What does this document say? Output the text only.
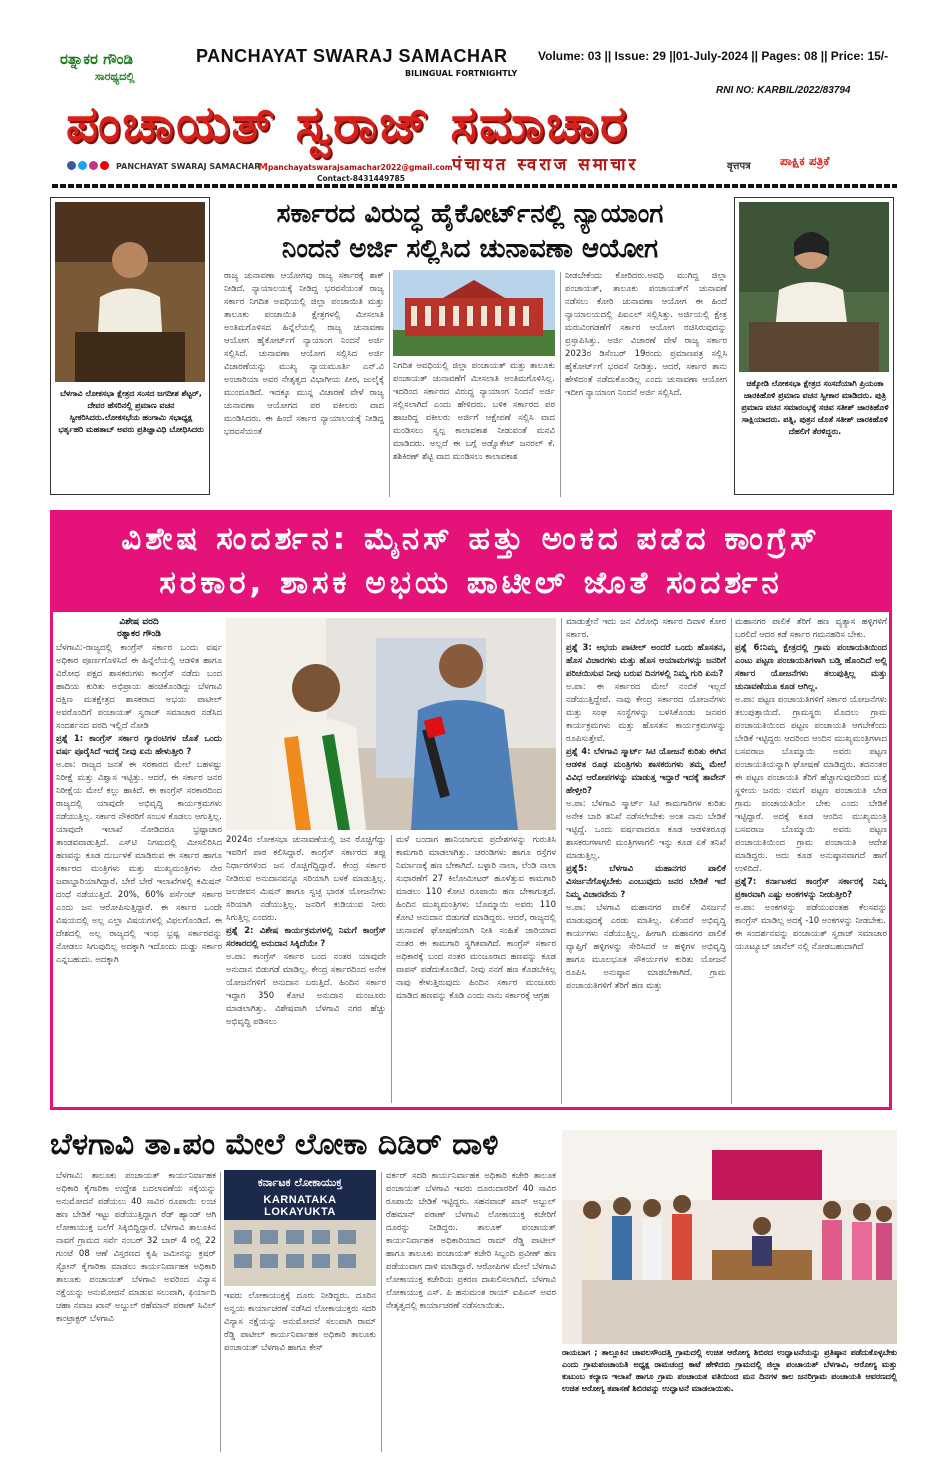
ರತ್ನಾಕರ ಗೌಂಡಿ
ಸಾರಥ್ಯದಲ್ಲಿ
PANCHAYAT SWARAJ SAMACHAR
BILINGUAL FORTNIGHTLY
Volume: 03 || Issue: 29 ||01-July-2024 || Pages: 08 || Price: 15/-
RNI NO: KARBIL/2022/83794
ಪಂಚಾಯತ್ ಸ್ವರಾಜ್ ಸಮಾಚಾರ
पंचायत स्वराज समाचार	वृत्तपत्र ಪಾಕ್ಷಿಕ ಪತ್ರಿಕೆ
PANCHAYAT SWARAJ SAMACHAR
Mpanchayatswarajsamachar2022@gmail.com
Contact-8431449785
ಬೆಳಗಾವಿ ಲೋಕಸಭಾ ಕ್ಷೇತ್ರದ ಸಂಸದ ಜಗದೀಶ ಶೆಟ್ಟರ್‌, ದೇವರ ಹೆಸರಿನಲ್ಲಿ ಪ್ರಮಾಣ ವಚನ ಸ್ವೀಕರಿಸಿದರು.ಲೋಕಸಭೆಯ ಹಂಗಾಮಿ ಸಭಾಧ್ಯಕ್ಷ ಭರ್ತೃಹರಿ ಮಹತಾಬ್‌ ಅವರು ಪ್ರತಿಜ್ಞಾವಿಧಿ ಬೋಧಿಸಿದರು
ಸರ್ಕಾರದ ವಿರುದ್ಧ ಹೈಕೋರ್ಟ್‌ನಲ್ಲಿ ನ್ಯಾಯಾಂಗ
ನಿಂದನೆ ಅರ್ಜಿ ಸಲ್ಲಿಸಿದ ಚುನಾವಣಾ ಆಯೋಗ
ರಾಜ್ಯ ಚುನಾವಣಾ ಆಯೋಗವು ರಾಜ್ಯ ಸರ್ಕಾರಕ್ಕೆ ಶಾಕ್ ನೀಡಿದೆ. ನ್ಯಾಯಾಲಯಕ್ಕೆ ನೀಡಿದ್ದ ಭರವಸೆಯಂತೆ ರಾಜ್ಯ ಸರ್ಕಾರ ನಿಗದಿತ ಅವಧಿಯಲ್ಲಿ ಜಿಲ್ಲಾ ಪಂಚಾಯಿತಿ ಮತ್ತು ತಾಲೂಕು ಪಂಚಾಯಿತಿ ಕ್ಷೇತ್ರಗಳಲ್ಲಿ ಮೀಸಲಾತಿ ಅಂತಿಮಗೊಳಿಸದ ಹಿನ್ನೆಲೆಯಲ್ಲಿ ರಾಜ್ಯ ಚುನಾವಣಾ ಆಯೋಗ ಹೈಕೋರ್ಟ್‌ಗೆ ನ್ಯಾಯಾಂಗ ನಿಂದನೆ ಅರ್ಜಿ ಸಲ್ಲಿಸಿದೆ. ಚುನಾವಣಾ ಆಯೋಗ ಸಲ್ಲಿಸಿದ ಅರ್ಜಿ ವಿಚಾರಣೆಯನ್ನು ಮುಖ್ಯ ನ್ಯಾಯಮೂರ್ತಿ ಎನ್.ವಿ ಅಂಜಾರಿಯಾ ಅವರ ನೇತೃತ್ವದ ವಿಭಾಗೀಯ ಪೀಠ, ಜುಲೈಕ್ಕೆ ಮುಂದೂಡಿದೆ. ಇದಕ್ಕೂ ಮುನ್ನ ವಿಚಾರಣೆ ವೇಳೆ ರಾಜ್ಯ ಚುನಾವಣಾ ಆಯೋಗದ ಪರ ವಕೀಲರು ವಾದ ಮಂಡಿಸಿದರು. ಈ ಹಿಂದೆ ಸರ್ಕಾರ ನ್ಯಾಯಾಲಯಕ್ಕೆ ನೀಡಿದ್ದ ಭರವಸೆಯಂತೆ
ನಿಗದಿತ ಅವಧಿಯಲ್ಲಿ ಜಿಲ್ಲಾ ಪಂಚಾಯತ್ ಮತ್ತು ತಾಲೂಕು ಪಂಚಾಯತ್ ಚುನಾವಣೆಗೆ ಮೀಸಲಾತಿ ಅಂತಿಮಗೊಳಿಸಿಲ್ಲ. ಇದರಿಂದ ಸರ್ಕಾರದ ವಿರುದ್ಧ ನ್ಯಾಯಾಂಗ ನಿಂದನೆ ಅರ್ಜಿ ಸಲ್ಲಿಸಲಾಗಿದೆ ಎಂದು ಹೇಳಿದರು. ಬಳಿಕ ಸರ್ಕಾರದ ಪರ ಹಾಜರಿದ್ದ ವಕೀಲರು ಅರ್ಜಿಗೆ ಆಕ್ಷೇಪಣೆ ಸಲ್ಲಿಸಿ ವಾದ ಮಂಡಿಸಲು ಸ್ವಲ್ಪ ಕಾಲಾವಕಾಶ ನೀಡುವಂತೆ ಮನವಿ ಮಾಡಿದರು. ಅಲ್ಲದೆ ಈ ಬಗ್ಗೆ ಅಡ್ವೊಕೇಟ್ ಜನರಲ್ ಕೆ. ಶಶಿಕಿರಣ್ ಶೆಟ್ಟಿ ವಾದ ಮಂಡಿಸಲು ಕಾಲಾವಕಾಶ
ನೀಡಬೇಕೆಂದು ಕೋರಿದರು.ಅವಧಿ ಮುಗಿದ್ದ ಜಿಲ್ಲಾ ಪಂಚಾಯತ್, ತಾಲೂಕು ಪಂಚಾಯತ್‌ಗೆ ಚುನಾವಣೆ ನಡೆಸಲು ಕೋರಿ ಚುನಾವಣಾ ಆಯೋಗ ಈ ಹಿಂದೆ ನ್ಯಾಯಾಲಯದಲ್ಲಿ ಪಿಐಎಲ್ ಸಲ್ಲಿಸಿತ್ತು. ಅರ್ಜಿಯಲ್ಲಿ ಕ್ಷೇತ್ರ ಮರುವಿಂಗಡಣೆಗೆ ಸರ್ಕಾರ ಆಯೋಗ ರಚಿಸಿರುವುದನ್ನು ಪ್ರಸ್ತಾಪಿಸಿತ್ತು. ಅರ್ಜಿ ವಿಚಾರಣೆ ವೇಳೆ ರಾಜ್ಯ ಸರ್ಕಾರ 2023ರ ಡಿಸೆಂಬರ್ 19ರಂದು ಪ್ರಮಾಣಪತ್ರ ಸಲ್ಲಿಸಿ ಹೈಕೋರ್ಟ್‌ಗೆ ಭರವಸೆ ನೀಡಿತ್ತು. ಆದರೆ, ಸರ್ಕಾರ ತಾನು ಹೇಳಿದಂತೆ ನಡೆದುಕೊಂಡಿಲ್ಲ ಎಂದು ಚುನಾವಣಾ ಆಯೋಗ ಇದೀಗ ನ್ಯಾಯಾಂಗ ನಿಂದನೆ ಅರ್ಜಿ ಸಲ್ಲಿಸಿದೆ.
ಚಿಕ್ಕೋಡಿ ಲೋಕಸಭಾ ಕ್ಷೇತ್ರದ ಸಂಸದೆಯಾಗಿ ಪ್ರಿಯಂಕಾ ಜಾರಕಿಹೊಳಿ ಪ್ರಮಾಣ ವಚನ ಸ್ವೀಕಾರ ಮಾಡಿದರು. ಪುತ್ರಿ ಪ್ರಮಾಣ ವಚನ ಸಮಾರಂಭಕ್ಕೆ ಸಚಿವ ಸತೀಶ್‌ ಜಾರಕಿಹೊಳಿ ಸಾಕ್ಷಿಯಾದರು. ಪತ್ನಿ, ಪುತ್ರನ ಜೊತೆ ಸತೀಶ್‌ ಜಾರಕಿಹೊಳಿ ದೆಹಲಿಗೆ ತೆರಳಿದ್ದರು.
ವಿಶೇಷ ಸಂದರ್ಶನ: ಮೈನಸ್ ಹತ್ತು ಅಂಕದ ಪಡೆದ ಕಾಂಗ್ರೆಸ್
ಸರಕಾರ, ಶಾಸಕ ಅಭಯ ಪಾಟೀಲ್ ಜೊತೆ ಸಂದರ್ಶನ
ವಿಶೇಷ ವರದಿ
ರತ್ನಾಕರ ಗೌಂಡಿ
ಬೆಳಗಾವಿ:-ರಾಜ್ಯದಲ್ಲಿ ಕಾಂಗ್ರೆಸ್ ಸರ್ಕಾರ ಒಂದು ವರ್ಷ ಅಧಿಕಾರ ಪೂರ್ಣಗೊಳಿಸಿದೆ ಈ ಹಿನ್ನೆಲೆಯಲ್ಲಿ ಆಡಳಿತ ಹಾಗೂ ವಿರೋಧ ಪಕ್ಷದ ಶಾಸಕರುಗಳು ಕಾಂಗ್ರೆಸ್ ನಡೆದು ಬಂದ ಹಾದಿಯ ಕುರಿತು ಅಭಿಪ್ರಾಯ ಹಂಚಿಕೊಂಡಿದ್ದು ಬೆಳಗಾವಿ ದಕ್ಷಿಣ ಮತಕ್ಷೇತ್ರದ ಶಾಸಕರಾದ ಅಭಯ ಪಾಟೀಲ್ ಅವರೊಂದಿಗೆ ಪಂಚಾಯತ್ ಸ್ವರಾಜ್ ಸಮಾಚಾರ ನಡೆಸಿದ ಸಂದರ್ಶನದ ವರದಿ ಇಲ್ಲಿದೆ ನೋಡಿ
ಪ್ರಶ್ನೆ 1: ಕಾಂಗ್ರೆಸ್ ಸರ್ಕಾರ ಗ್ಯಾರಂಟಿಗಳ ಜೊತೆ ಒಂದು ವರ್ಷ ಪೂರೈಸಿದೆ ಇದಕ್ಕೆ ನೀವು ಏನು ಹೇಳುತ್ತೀರಿ ?
ಅ.ಪಾ: ರಾಜ್ಯದ ಜನತೆ ಈ ಸರಕಾರದ ಮೇಲೆ ಬಹಳಷ್ಟು ನಿರೀಕ್ಷೆ ಮತ್ತು ವಿಶ್ವಾಸ ಇಟ್ಟಿತ್ತು. ಆದರೆ, ಈ ಸರ್ಕಾರ ಜನರ ನಿರೀಕ್ಷೆಯ ಮೇಲೆ ಕಲ್ಲು ಹಾಕಿದೆ. ಈ ಕಾಂಗ್ರೆಸ್ ಸರಕಾರದಿಂದ ರಾಜ್ಯದಲ್ಲಿ ಯಾವುದೇ ಅಭಿವೃದ್ಧಿ ಕಾರ್ಯಕ್ರಮಗಳು ನಡೆಯುತ್ತಿಲ್ಲ. ಸರ್ಕಾರ ನೌಕರರಿಗೆ ಸಂಬಳ ಕೊಡಲು ಆಗುತ್ತಿಲ್ಲ. ಯಾವುದೇ ಇಲಾಖೆ ನೋಡಿದರೂ ಭ್ರಷ್ಟಾಚಾರ ತಾಂಡವವಾಡುತ್ತಿದೆ. ಎಸ್‌ಟಿ ನಿಗಮದಲ್ಲಿ ಮೀಸಲಿರಿಸಿದ ಹಣವನ್ನು ಕೂಡ ದುರ್ಬಳಕೆ ಮಾಡಿರುವ ಈ ಸರ್ಕಾರ ಹಾಗೂ ಸರ್ಕಾರದ ಮಂತ್ರಿಗಳು ಮತ್ತು ಮುಖ್ಯಮಂತ್ರಿಗಳು ನೇರ ಜವಾಬ್ದಾರಿಯಾಗಿದ್ದಾರೆ. ಬೇರೆ ಬೇರೆ ಇಲಾಖೆಗಳಲ್ಲಿ ಕಮಿಷನ್ ದಂಧೆ ನಡೆಯುತ್ತಿದೆ. 20%, 60% ಪರ್ಸೆಂಟ್ ಸರ್ಕಾರ ಎಂದು ಜನ ಆರೋಪಿಸುತ್ತಿದ್ದಾರೆ. ಈ ಸರ್ಕಾರ ಒಂದೇ ವಿಷಯದಲ್ಲಿ ಅಲ್ಲ ಎಲ್ಲಾ ವಿಷಯಗಳಲ್ಲಿ ವಿಫಲಗೊಂಡಿದೆ. ಈ ದೇಶದಲ್ಲಿ ಅಲ್ಲ ರಾಜ್ಯದಲ್ಲಿ ಇಂಥ ಭ್ರಷ್ಟ ಸರ್ಕಾರವನ್ನು ನೋಡಲು ಸಿಗುವುದಿಲ್ಲ ಅದಕ್ಕಾಗಿ ಇದೊಂದು ದುಡ್ಡು ಸರ್ಕಾರ ಎನ್ನಬಹುದು. ಅದಕ್ಕಾಗಿ
2024ರ ಲೋಕಸಭಾ ಚುನಾವಣೆಯಲ್ಲಿ ಜನ ರೊಚ್ಚಿಗೆದ್ದು ಇವರಿಗೆ ಪಾಠ ಕಲಿಸಿದ್ದಾರೆ. ಕಾಂಗ್ರೆಸ್ ಸರ್ಕಾರದ ತಪ್ಪು ನಿರ್ಧಾರಗಳಿಂದ ಜನ ರೊಚ್ಚಿಗೆದ್ದಿದ್ದಾರೆ. ಕೇಂದ್ರ ಸರ್ಕಾರ ನೀಡಿರುವ ಅನುದಾನವನ್ನೂ ಸರಿಯಾಗಿ ಬಳಕೆ ಮಾಡುತ್ತಿಲ್ಲ. ಜಲಜೀವನ ಮಿಷನ್ ಹಾಗೂ ಸ್ವಚ್ಛ ಭಾರತ ಯೋಜನೆಗಳು ಸರಿಯಾಗಿ ನಡೆಯುತ್ತಿಲ್ಲ. ಜನರಿಗೆ ಕುಡಿಯುವ ನೀರು ಸಿಗುತ್ತಿಲ್ಲ ಎಂದರು.
ಪ್ರಶ್ನೆ 2: ವಿಶೇಷ ಕಾರ್ಯಕ್ರಮಗಳಲ್ಲಿ ನಿಮಗೆ ಕಾಂಗ್ರೆಸ್ ಸರಕಾರದಲ್ಲಿ ಅನುದಾನ ಸಿಕ್ಕಿದೆಯೇ ?
ಅ.ಪಾ: ಕಾಂಗ್ರೆಸ್ ಸರ್ಕಾರ ಬಂದ ನಂತರ ಯಾವುದೇ ಅನುದಾನ ಬಿಡುಗಡೆ ಮಾಡಿಲ್ಲ. ಕೇಂದ್ರ ಸರ್ಕಾರದಿಂದ ಅನೇಕ ಯೋಜನೆಗಳಿಗೆ ಅನುದಾನ ಬರುತ್ತಿದೆ. ಹಿಂದಿನ ಸರ್ಕಾರ ಇದ್ದಾಗ 350 ಕೋಟಿ ಅನುದಾನ ಮಂಜೂರು ಮಾಡಲಾಗಿತ್ತು. ವಿಶೇಷವಾಗಿ ಬೆಳಗಾವಿ ನಗರ ಹೆಚ್ಚು ಅಭಿವೃದ್ಧಿ ಪಡಿಸಲು
ಮಳೆ ಬಂದಾಗ ಹಾನಿಯಾಗುವ ಪ್ರದೇಶಗಳನ್ನು ಗುರುತಿಸಿ ಕಾಮಗಾರಿ ಮಾಡಲಾಗಿತ್ತು. ಚರಂಡಿಗಳು ಹಾಗೂ ರಸ್ತೆಗಳ ನಿರ್ಮಾಣಕ್ಕೆ ಹಣ ಬೇಕಾಗಿದೆ. ಬಳ್ಳಾರಿ ನಾಲಾ, ಲೆಂಡಿ ನಾಲಾ ಸುಧಾರಣೆಗೆ 27 ಕಿಲೋಮೀಟರ್ ಹೂಳೆತ್ತುವ ಕಾಮಗಾರಿ ಮಾಡಲು 110 ಕೋಟಿ ರೂಪಾಯಿ ಹಣ ಬೇಕಾಗುತ್ತದೆ. ಹಿಂದಿನ ಮುಖ್ಯಮಂತ್ರಿಗಳು ಬೊಮ್ಮಾಯಿ ಅವರು 110 ಕೋಟಿ ಅನುದಾನ ಬಿಡುಗಡೆ ಮಾಡಿದ್ದರು. ಆದರೆ, ರಾಜ್ಯದಲ್ಲಿ ಚುನಾವಣೆ ಘೋಷಣೆಯಾಗಿ ನೀತಿ ಸಂಹಿತೆ ಜಾರಿಯಾದ ನಂತರ ಈ ಕಾಮಗಾರಿ ಸ್ಥಗಿತವಾಗಿದೆ. ಕಾಂಗ್ರೆಸ್ ಸರ್ಕಾರ ಅಧಿಕಾರಕ್ಕೆ ಬಂದ ನಂತರ ಮಂಜೂರಾದ ಹಣವನ್ನು ಕೂಡ ವಾಪಸ್ ಪಡೆದುಕೊಂಡಿದೆ. ನೀವು ನನಗೆ ಹಣ ಕೊಡಬೇಕಿಲ್ಲ ನಾವು ಕೇಳುತ್ತಿರುವುದು ಹಿಂದಿನ ಸರ್ಕಾರ ಮಂಜೂರು ಮಾಡಿದ ಹಣವನ್ನು ಕೊಡಿ ಎಂದು ನಾನು ಸರ್ಕಾರಕ್ಕೆ ಆಗ್ರಹ
ಮಾಡುತ್ತೇನೆ ಇದು ಜನ ವಿರೋಧಿ ಸರ್ಕಾರ ದಿವಾಳಿ ಕೋರ ಸರ್ಕಾರ.
ಪ್ರಶ್ನೆ 3: ಅಭಯ ಪಾಟೀಲ್ ಅಂದರೆ ಒಂದು ಹೊಸತನ, ಹೊಸ ವಿಚಾರಗಳು ಮತ್ತು ಹೊಸ ಆಯಾಮಗಳನ್ನು ಜನರಿಗೆ ಪರಿಚಯಿಸುವ ನೀವು ಬರುವ ದಿನಗಳಲ್ಲಿ ನಿಮ್ಮ ಗುರಿ ಏನು?
ಅ.ಪಾ: ಈ ಸರ್ಕಾರದ ಮೇಲೆ ನಂಬಿಕೆ ಇಲ್ಲದೆ ನಡೆಯುತ್ತಿದ್ದೇವೆ. ನಾವು ಕೇಂದ್ರ ಸರ್ಕಾರದ ಯೋಜನೆಗಳು ಮತ್ತು ಸಂಘ ಸಂಸ್ಥೆಗಳನ್ನು ಬಳಸಿಕೊಂಡು ಜನಪರ ಕಾರ್ಯಕ್ರಮಗಳು ಮತ್ತು ಹೊಸತನ ಕಾರ್ಯಕ್ರಮಗಳನ್ನು ರೂಪಿಸುತ್ತೇವೆ.
ಪ್ರಶ್ನೆ 4: ಬೆಳಗಾವಿ ಸ್ಮಾರ್ಟ್ ಸಿಟಿ ಯೋಜನೆ ಕುರಿತು ಈಗಿನ ಆಡಳಿತ ರೂಢ ಮಂತ್ರಿಗಳು ಶಾಸಕರುಗಳು ತಮ್ಮ ಮೇಲೆ ವಿವಿಧ ಆರೋಪಗಳನ್ನು ಮಾಡುತ್ತ ಇದ್ದಾರೆ ಇದಕ್ಕೆ ತಾವೇನ್ ಹೇಳ್ತೀರಿ?
ಅ.ಪಾ: ಬೆಳಗಾವಿ ಸ್ಮಾರ್ಟ್ ಸಿಟಿ ಕಾಮಗಾರಿಗಳ ಕುರಿತು ಅನೇಕ ಬಾರಿ ತನಿಖೆ ನಡೆಸಲೇಬೇಕು ಅಂತ ನಾನು ಬೇಡಿಕೆ ಇಟ್ಟಿದ್ದೆ. ಒಂದು ವರ್ಷವಾದರೂ ಕೂಡ ಆಡಳಿತರೂಢ ಶಾಸಕರುಗಳಾಗಲಿ ಮಂತ್ರಿಗಳಾಗಲಿ ಇನ್ನು ಕೂಡ ಏಕೆ ತನಿಖೆ ಮಾಡುತ್ತಿಲ್ಲ.
ಪ್ರಶ್ನೆ5: ಬೆಳಗಾವಿ ಮಹಾನಗರ ಪಾಲಿಕೆ ವಿಸರ್ಜನೆಗೊಳ್ಳಬೇಕು ಎಂಬುವುದು ಜನರ ಬೇಡಿಕೆ ಇದೆ ನಿಮ್ಮ ವಿಚಾರವೇನು ?
ಅ.ಪಾ: ಬೆಳಗಾವಿ ಮಹಾನಗರ ಪಾಲಿಕೆ ವಿಸರ್ಜನೆ ಮಾಡುವುದಕ್ಕೆ ಎರಡು ಮಾತಿಲ್ಲ. ಏಕೆಂದರೆ ಅಭಿವೃದ್ಧಿ ಕಾರ್ಯಗಳು ನಡೆಯುತ್ತಿಲ್ಲ. ಹೀಗಾಗಿ ಮಹಾನಗರ ಪಾಲಿಕೆ ವ್ಯಾಪ್ತಿಗೆ ಹಳ್ಳಿಗಳನ್ನು ಸೇರಿಸಿದರೆ ಆ ಹಳ್ಳಿಗಳ ಅಭಿವೃದ್ಧಿ ಹಾಗೂ ಮೂಲಭೂತ ಸೌಕರ್ಯಗಳ ಕುರಿತು ಯೋಜನೆ ರೂಪಿಸಿ ಅನುಷ್ಠಾನ ಮಾಡಬೇಕಾಗಿದೆ. ಗ್ರಾಮ ಪಂಚಾಯತಿಗಳಿಗೆ ತೆರಿಗೆ ಹಣ ಮತ್ತು
ಮಹಾನಗರ ಪಾಲಿಕೆ ತೆರಿಗೆ ಹಣ ವ್ಯತ್ಯಾಸ ಹಳ್ಳಿಗಳಿಗೆ ಬರಲಿದೆ ಆದರ ಕಡೆ ಸರ್ಕಾರ ಗಮನಹರಿಸ ಬೇಕು.
ಪ್ರಶ್ನೆ 6:ನಿಮ್ಮ ಕ್ಷೇತ್ರದಲ್ಲಿ ಗ್ರಾಮ ಪಂಚಾಯತಿಯಿಂದ ಎಂಟು ಪಟ್ಟಣ ಪಂಚಾಯತಿಗಳಾಗಿ ಬಡ್ತಿ ಹೊಂದಿದೆ ಅಲ್ಲಿ ಸರ್ಕಾರ ಯೋಜನೆಗಳು ತಲುಪುತ್ತಿಲ್ಲ ಮತ್ತು ಚುನಾವಣೆಯೂ ಕೂಡ ಆಗಿಲ್ಲ.
ಅ.ಪಾ: ಪಟ್ಟಣ ಪಂಚಾಯತಿಗಳಿಗೆ ಸರ್ಕಾರ ಯೋಜನೆಗಳು ತಲುಪುತ್ತಾಯಿದೆ. ಗ್ರಾಮಸ್ಥರು ಮೊದಲು ಗ್ರಾಮ ಪಂಚಾಯತಿಯಿಂದ ಪಟ್ಟಣ ಪಂಚಾಯತಿ ಆಗಬೇಕೆಂದು ಬೇಡಿಕೆ ಇಟ್ಟಿದ್ದರು ಆದರಿಂದ ಆಂದಿನ ಮುಖ್ಯಮಂತ್ರಿಗಳಾದ ಬಸವರಾಜ ಬೊಮ್ಮಾಯಿ ಅವರು ಪಟ್ಟಣ ಪಂಚಾಯತಿಯನ್ನಾಗಿ ಘೋಷಣೆ ಮಾಡಿದ್ದರು. ತದನಂತರ ಈ ಪಟ್ಟಣ ಪಂಚಾಯತಿ ತೆರಿಗೆ ಹೆಚ್ಚಾಗುವುದರಿಂದ ಮತ್ತೆ ಸ್ಥಳೀಯ ಜನರು ನಮಗೆ ಪಟ್ಟಣ ಪಂಚಾಯತಿ ಬೇಡ ಗ್ರಾಮ ಪಂಚಾಯತಿಯೇ ಬೇಕು ಎಂದು ಬೇಡಿಕೆ ಇಟ್ಟಿದ್ದಾರೆ. ಅದಕ್ಕೆ ಕೂಡ ಆಂದಿನ ಮುಖ್ಯಮಂತ್ರಿ ಬಸವರಾಜ ಬೊಮ್ಮಾಯಿ ಅವರು ಪಟ್ಟಣ ಪಂಚಾಯತಿಯಿಂದ ಗ್ರಾಮ ಪಂಚಾಯತಿ ಆದೇಶ ಮಾಡಿದ್ದರು. ಅದು ಕೂಡ ಅನುಷ್ಠಾನವಾಗದೆ ಹಾಗೆ ಉಳಿದಿದೆ.
ಪ್ರಶ್ನೆ7: ಕರ್ನಾಟಕದ ಕಾಂಗ್ರೆಸ್ ಸರ್ಕಾರಕ್ಕೆ ನಿಮ್ಮ ಪ್ರಕಾರವಾಗಿ ಎಷ್ಟು ಅಂಕಗಳನ್ನು ನೀಡುತ್ತೀರಿ?
ಅ.ಪಾ: ಅಂಕಗಳನ್ನು ಪಡೆಯುವಂತಹ ಕೆಲಸವನ್ನು ಕಾಂಗ್ರೆಸ್ ಮಾಡಿಲ್ಲ ಅದಕ್ಕೆ -10 ಅಂಕಗಳನ್ನು ನೀಡಬೇಕು.
ಈ ಸಂದರ್ಶನವನ್ನು ಪಂಚಾಯತ್ ಸ್ವರಾಜ್ ಸಮಾಚಾರ ಯೂಟ್ಯೂಬ್ ಚಾನೆಲ್ ನಲ್ಲಿ ನೋಡಬಹುದಾಗಿದೆ
ಬೆಳಗಾವಿ ತಾ.ಪಂ ಮೇಲೆ ಲೋಕಾ ದಿಡಿರ್ ದಾಳಿ
ಬೆಳಗಾವಿ: ತಾಲೂಕು ಪಂಚಾಯತ್ ಕಾರ್ಯನಿರ್ವಾಹಕ ಅಧಿಕಾರಿ ಕೈಗಾರಿಕಾ ಉದ್ದೇಶ ಬದಲಾವಣೆಯ ಸಕ್ಕೆಯನ್ನು ಅನುಮೋದನೆ ಪಡೆಯಲು 40 ಸಾವಿರ ರೂಪಾಯಿ ಲಂಚ ಹಣ ಬೇಡಿಕೆ ಇಟ್ಟು ಪಡೆಯುತ್ತಿದ್ದಾಗ ರೆಡ್ ಹ್ಯಾಂಡ್ ಆಗಿ ಲೋಕಾಯುಕ್ತ ಬಲೆಗೆ ಸಿಕ್ಕಿಬಿದ್ದಿದ್ದಾರೆ. ಬೆಳಗಾವಿ ತಾಲೂಕಿನ ನಾವಗೆ ಗ್ರಾಮದ ಸರ್ವೆ ನಂಬರ್ 32 ಬಾರ್ 4 ರಲ್ಲಿ 22 ಗುಂಟೆ 08 ಆಣೆ ವಿಸ್ತರಣದ ಕೃಷಿ ಜಮೀನನ್ನು ಕ್ರಷರ್ ಸ್ಟೋನ್ ಕೈಗಾರಿಕಾ ಮಾಡಲು ಕಾರ್ಯನಿರ್ವಾಹಕ ಅಧಿಕಾರಿ ತಾಲೂಕು ಪಂಚಾಯತ್ ಬೆಳಗಾವಿ ಅವರಿಂದ ವಿನ್ಯಾಸ ನಕ್ಷೆಯನ್ನು ಅನುಮೋದನೆ ಮಾಡುವ ಸಲುವಾಗಿ, ಫಿರ್ಯಾದಿ ಚಹಾ ನವಾಜ ಖಾನ್ ಅಬ್ದುಲ್ ರಹೆಮಾನ್ ಪಠಾಣ್ ಸಿವಿಲ್ ಕಾಂಟ್ರಾಕ್ಟರ್ ಬೆಳಗಾವಿ
ಕರ್ನಾಟಕ ಲೋಕಾಯುಕ್ತ
KARNATAKA LOKAYUKTA
ಇವರು ಲೋಕಾಯುಕ್ತಕ್ಕೆ ದೂರು ನೀಡಿದ್ದರು. ದೂರಿನ ಅನ್ವಯ ಕಾರ್ಯಾಚರಣೆ ನಡೆಸಿದ ಲೋಕಾಯುಕ್ತರು ಸದರಿ ವಿನ್ಯಾಸ ನಕ್ಷೆಯನ್ನು ಅನುಮೋದನೆ ಸಲುವಾಗಿ ರಾಮ್ ರೆಡ್ಡಿ ಪಾಟೀಲ್ ಕಾರ್ಯನಿರ್ವಾಹಕ ಅಧಿಕಾರಿ ತಾಲೂಕು ಪಂಚಾಯತ್ ಬೆಳಗಾವಿ ಹಾಗೂ ಕೇಸ್
ವರ್ಕರ್ ಸದರಿ ಕಾರ್ಯನಿರ್ವಾಹಕ ಅಧಿಕಾರಿ ಕಚೇರಿ ತಾಲೂಕ ಪಂಚಾಯತ್ ಬೆಳಗಾವಿ ಇವರು ದೂರುದಾರರಿಗೆ 40 ಸಾವಿರ ರೂಪಾಯಿ ಬೇಡಿಕೆ ಇಟ್ಟಿದ್ದರು. ಸಹನವಾಜ್ ಖಾನ್ ಅಬ್ದುಲ್ ರೆಹಮಾನ್ ಪಠಾಣ್ ಬೆಳಗಾವಿ ಲೋಕಾಯುಕ್ತ ಕಚೇರಿಗೆ ದೂರನ್ನು ನೀಡಿದ್ದರು. ತಾಲೂಕ್ ಪಂಚಾಯತ್ ಕಾರ್ಯನಿರ್ವಾಹಕ ಅಧಿಕಾರಿಯಾದ ರಾಮ್ ರೆಡ್ಡಿ ಪಾಟೀಲ್ ಹಾಗೂ ತಾಲೂಕು ಪಂಚಾಯತ್ ಕಚೇರಿ ಸಿಬ್ಬಂದಿ ಪ್ರವೀಣ್ ಹಣ ಪಡೆಯುವಾಗ ದಾಳಿ ಮಾಡಿದ್ದಾರೆ. ಆರೋಪಿಗಳ ಮೇಲೆ ಬೆಳಗಾವಿ ಲೋಕಾಯುಕ್ತ ಕಚೇರಿಯ ಪ್ರಕರಣ ದಾಖಲಿಸಲಾಗಿದೆ. ಬೆಳಗಾವಿ ಲೋಕಾಯುಕ್ತ ಎಸ್. ಪಿ ಹನುಮಂತ ರಾಯ್ ಐಪಿಎಸ್ ಅವರ ನೇತೃತ್ವದಲ್ಲಿ ಕಾರ್ಯಾಚರಣೆ ನಡೆಸಲಾಯಿತು.
ರಾಯಬಾಗ ; ತಾಲ್ಲೂಕಿನ ಚಾವಲಸೌಂದತ್ತಿ ಗ್ರಾಮದಲ್ಲಿ ಉಚಿತ ಆರೋಗ್ಯ ಶಿಬಿರದ ಉದ್ಘಾಟನೆಯನ್ನು ಪ್ರತಿಷ್ಠಾನ ಪಡೆದುಕೊಳ್ಳಬೇಕು ಎಂದು ಗ್ರಾಮಪಂಚಾಯತಿ ಅಧ್ಯಕ್ಷ ರಾಮಚಂದ್ರ ಕಾಟೆ ಹೇಳಿದರು ಗ್ರಾಮದಲ್ಲಿ ಜಿಲ್ಲಾ ಪಂಚಾಯತ್ ಬೆಳಗಾವಿ, ಆರೋಗ್ಯ ಮತ್ತು ಕುಟುಂಬ ಕಲ್ಯಾಣ ಇಲಾಖೆ ಹಾಗೂ ಗ್ರಾಮ ಪಂಚಾಯತ ವತಿಯಿಂದ ಮನ ದಿನಗಳ ಕಾಲ ಜನರಿಗ್ರಾಮ ಪಂಚಾಯತಿ ಆವರಣದಲ್ಲಿ ಉಚಿತ ಆರೋಗ್ಯ ತಪಾಸಣೆ ಶಿಬಿರವನ್ನು ಉದ್ಘಾಟನೆ ಮಾಡಲಾಯಿತು.
